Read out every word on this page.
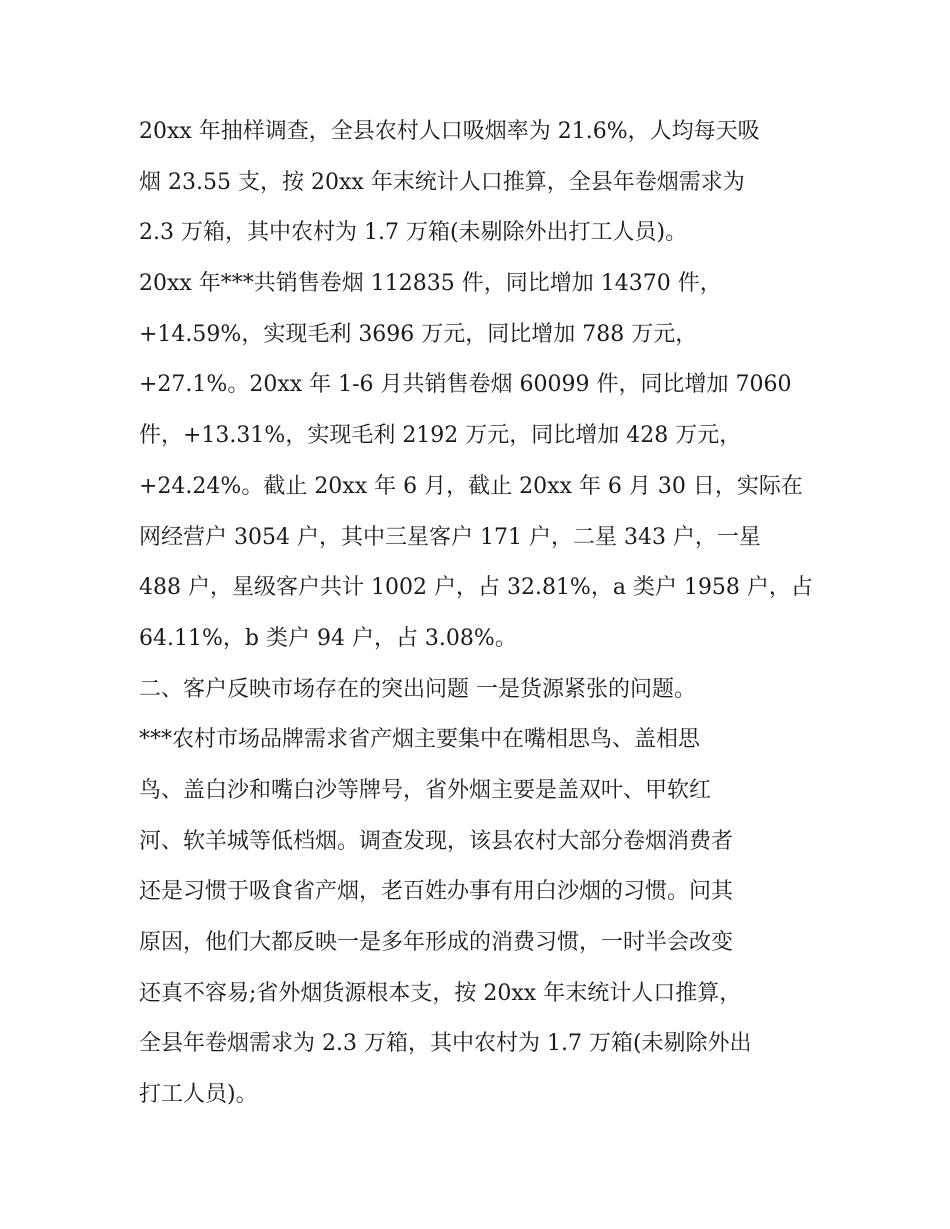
20xx 年抽样调查，全县农村人口吸烟率为 21.6%，人均每天吸
烟 23.55 支，按 20xx 年末统计人口推算，全县年卷烟需求为
2.3 万箱，其中农村为 1.7 万箱(未剔除外出打工人员)。
20xx 年***共销售卷烟 112835 件，同比增加 14370 件，
+14.59%，实现毛利 3696 万元，同比增加 788 万元，
+27.1%。20xx 年 1-6 月共销售卷烟 60099 件，同比增加 7060
件，+13.31%，实现毛利 2192 万元，同比增加 428 万元，
+24.24%。截止 20xx 年 6 月，截止 20xx 年 6 月 30 日，实际在
网经营户 3054 户，其中三星客户 171 户，二星 343 户，一星
488 户，星级客户共计 1002 户，占 32.81%，a 类户 1958 户，占
64.11%，b 类户 94 户，占 3.08%。
二、客户反映市场存在的突出问题 一是货源紧张的问题。
***农村市场品牌需求省产烟主要集中在嘴相思鸟、盖相思
鸟、盖白沙和嘴白沙等牌号，省外烟主要是盖双叶、甲软红
河、软羊城等低档烟。调查发现，该县农村大部分卷烟消费者
还是习惯于吸食省产烟，老百姓办事有用白沙烟的习惯。问其
原因，他们大都反映一是多年形成的消费习惯，一时半会改变
还真不容易;省外烟货源根本支，按 20xx 年末统计人口推算，
全县年卷烟需求为 2.3 万箱，其中农村为 1.7 万箱(未剔除外出
打工人员)。
